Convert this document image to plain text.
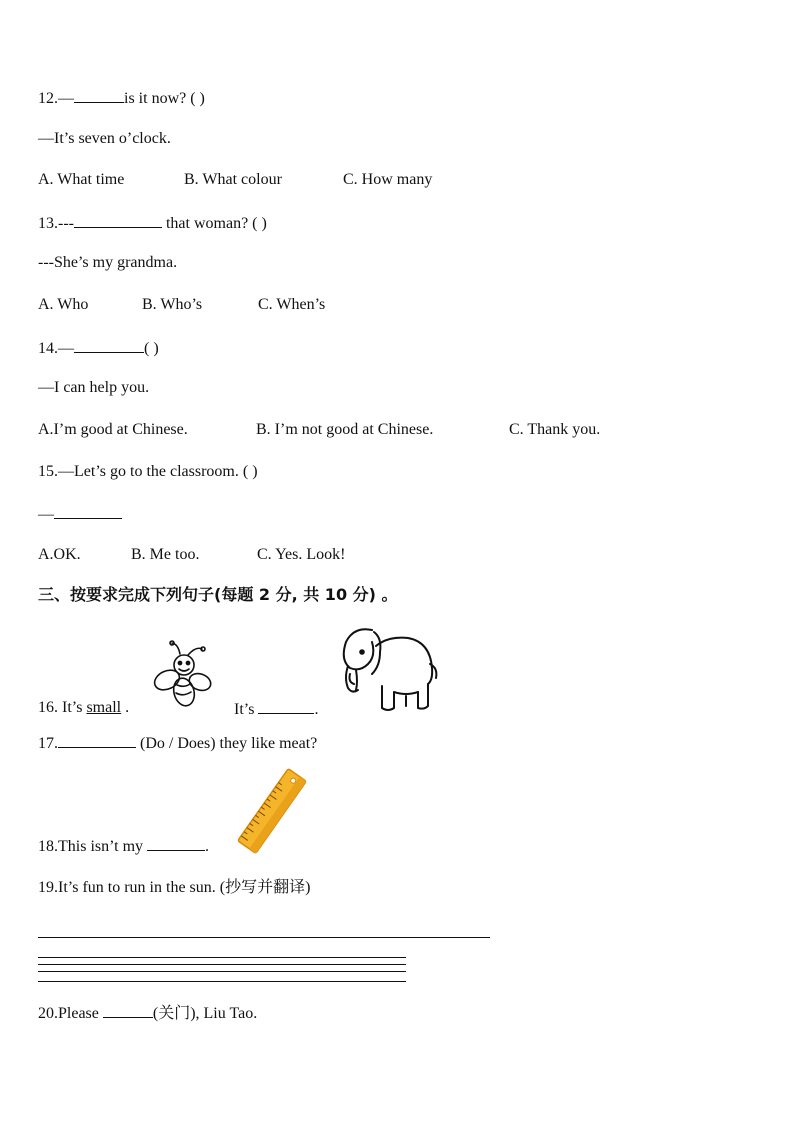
12.—	is it now? ( )
—It’s seven o’clock.
A. What time	B. What colour	C. How many
13.---	that woman? ( )
---She’s my grandma.
A. Who	B. Who’s	C. When’s
14.—	( )
—I can help you.
A.I’m good at Chinese.	B. I’m not good at Chinese.	C. Thank you.
15.—Let’s go to the classroom. ( )
—
A.OK.	B. Me too.	C. Yes. Look!
三、按要求完成下列句子(每题 2 分, 共 10 分) 。
16. It’s small .	It’s	.
17.	(Do / Does) they like meat?
18.This isn’t my	.
19.It’s fun to run in the sun. (抄写并翻译)
20.Please	(关门), Liu Tao.
